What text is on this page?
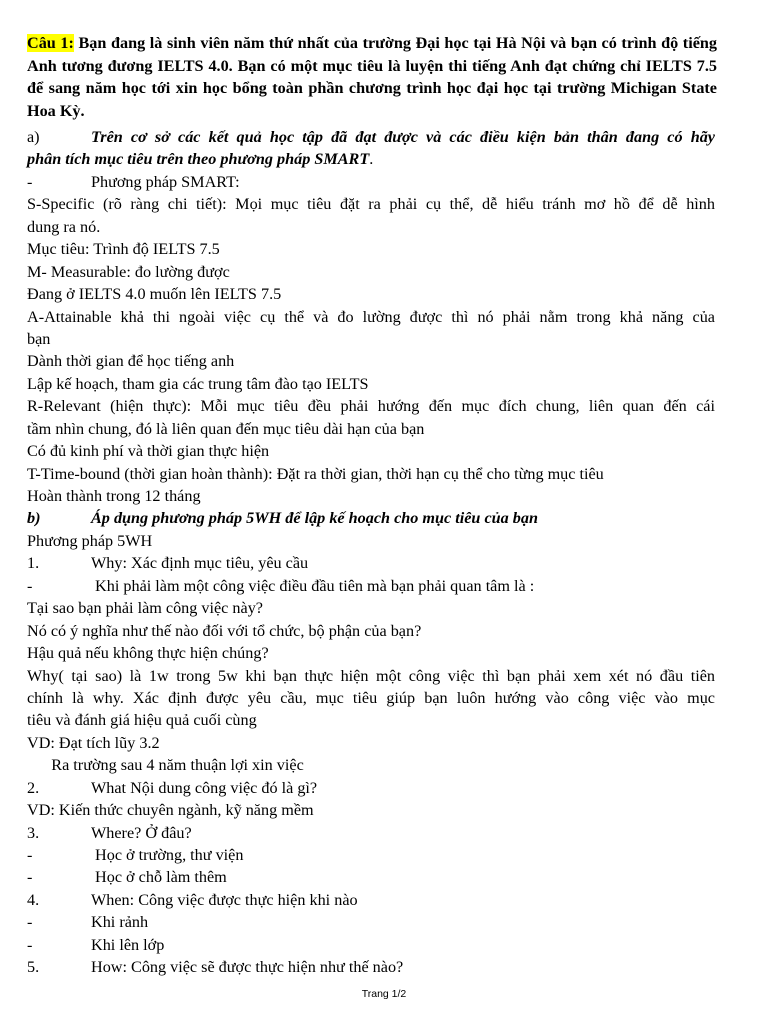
Câu 1: Bạn đang là sinh viên năm thứ nhất của trường Đại học tại Hà Nội và bạn có trình độ tiếng Anh tương đương IELTS 4.0. Bạn có một mục tiêu là luyện thi tiếng Anh đạt chứng chỉ IELTS 7.5 để sang năm học tới xin học bổng toàn phần chương trình học đại học tại trường Michigan State Hoa Kỳ.
a)	Trên cơ sở các kết quả học tập đã đạt được và các điều kiện bản thân đang có hãy
phân tích mục tiêu trên theo phương pháp SMART.
-	Phương pháp SMART:
S-Specific (rõ ràng chi tiết): Mọi mục tiêu đặt ra phải cụ thể, dễ hiểu tránh mơ hồ để dễ hình
dung ra nó.
Mục tiêu: Trình độ IELTS 7.5
M- Measurable: đo lường được
Đang ở IELTS 4.0 muốn lên IELTS 7.5
A-Attainable khả thi ngoài việc cụ thể và đo lường được thì nó phải nằm trong khả năng của
bạn
Dành thời gian để học tiếng anh
Lập kế hoạch, tham gia các trung tâm đào tạo IELTS
R-Relevant (hiện thực): Mỗi mục tiêu đều phải hướng đến mục đích chung, liên quan đến cái
tầm nhìn chung, đó là liên quan đến mục tiêu dài hạn của bạn
Có đủ kinh phí và thời gian thực hiện
T-Time-bound (thời gian hoàn thành): Đặt ra thời gian, thời hạn cụ thể cho từng mục tiêu
Hoàn thành trong 12 tháng
b)	Áp dụng phương pháp 5WH để lập kế hoạch cho mục tiêu của bạn
Phương pháp 5WH
1.	Why: Xác định mục tiêu, yêu cầu
-	Khi phải làm một công việc điều đầu tiên mà bạn phải quan tâm là :
Tại sao bạn phải làm công việc này?
Nó có ý nghĩa như thế nào đối với tổ chức, bộ phận của bạn?
Hậu quả nếu không thực hiện chúng?
Why( tại sao) là 1w trong 5w khi bạn thực hiện một công việc thì bạn phải xem xét nó đầu tiên
chính là why. Xác định được yêu cầu, mục tiêu giúp bạn luôn hướng vào công việc vào mục
tiêu và đánh giá hiệu quả cuối cùng
VD: Đạt tích lũy 3.2
Ra trường sau 4 năm thuận lợi xin việc
2.	What Nội dung công việc đó là gì?
VD: Kiến thức chuyên ngành, kỹ năng mềm
3.	Where? Ở đâu?
-	Học ở trường, thư viện
-	Học ở chỗ làm thêm
4.	When: Công việc được thực hiện khi nào
-	Khi rảnh
-	Khi lên lớp
5.	How: Công việc sẽ được thực hiện như thế nào?
Trang 1/2
